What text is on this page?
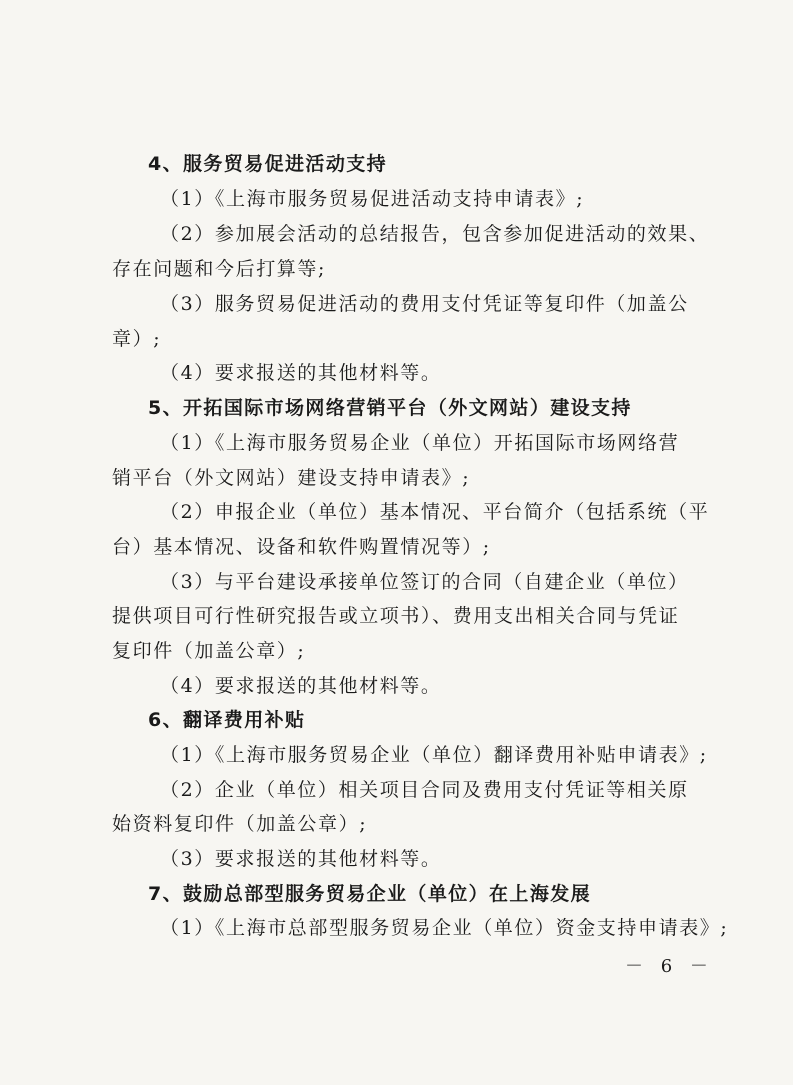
4、服务贸易促进活动支持
（1）《上海市服务贸易促进活动支持申请表》;
（2）参加展会活动的总结报告，包含参加促进活动的效果、
存在问题和今后打算等;
（3）服务贸易促进活动的费用支付凭证等复印件（加盖公
章）;
（4）要求报送的其他材料等。
5、开拓国际市场网络营销平台（外文网站）建设支持
（1）《上海市服务贸易企业（单位）开拓国际市场网络营
销平台（外文网站）建设支持申请表》;
（2）申报企业（单位）基本情况、平台简介（包括系统（平
台）基本情况、设备和软件购置情况等）;
（3）与平台建设承接单位签订的合同（自建企业（单位）
提供项目可行性研究报告或立项书）、费用支出相关合同与凭证
复印件（加盖公章）;
（4）要求报送的其他材料等。
6、翻译费用补贴
（1）《上海市服务贸易企业（单位）翻译费用补贴申请表》;
（2）企业（单位）相关项目合同及费用支付凭证等相关原
始资料复印件（加盖公章）;
（3）要求报送的其他材料等。
7、鼓励总部型服务贸易企业（单位）在上海发展
（1）《上海市总部型服务贸易企业（单位）资金支持申请表》;
－ 6 －
